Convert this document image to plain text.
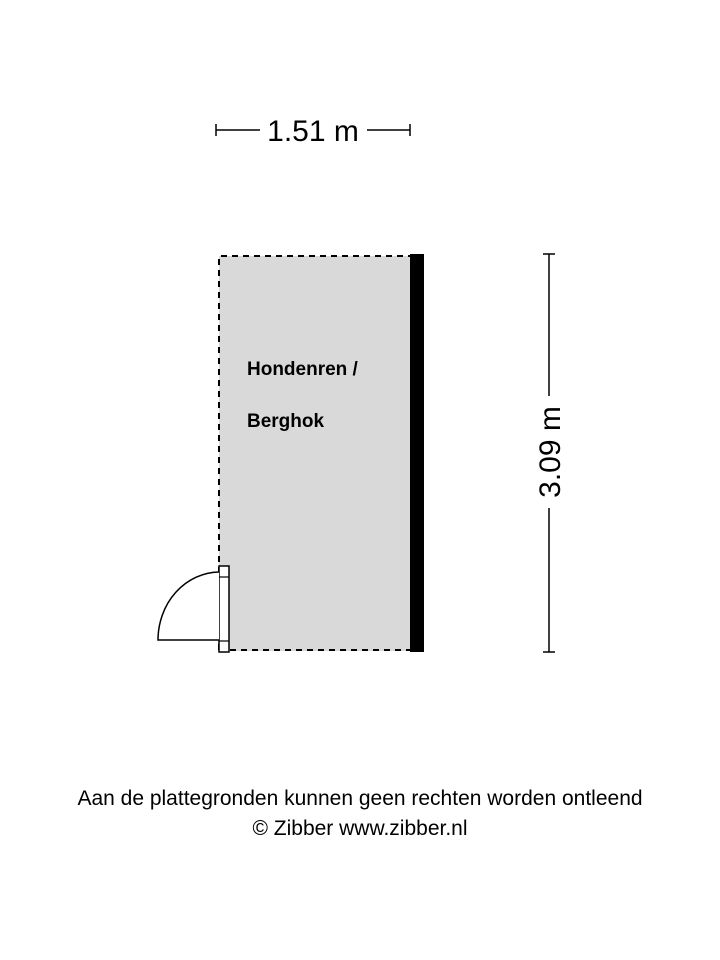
1.51 m
Hondenren /
Berghok	3.09 m
Aan de plattegronden kunnen geen rechten worden ontleend
© Zibber www.zibber.nl
